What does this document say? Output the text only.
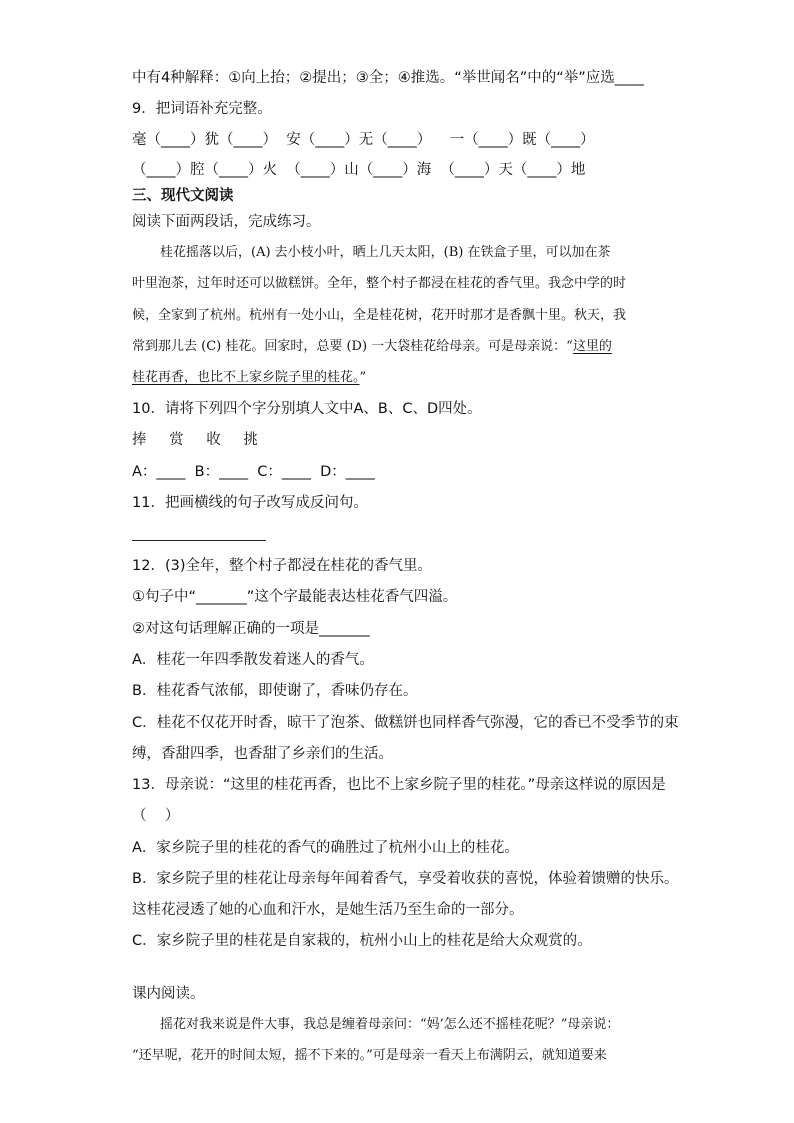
中有4种解释：①向上抬；②提出；③全；④推选。“举世闻名”中的“举”应选____
9．把词语补充完整。
毫（____）犹（____）  安（____）无（____）    一（____）既（____）
（____）腔（____）火  （____）山（____）海  （____）天（____）地
三、现代文阅读
阅读下面两段话，完成练习。
桂花摇落以后，(A) 去小枝小叶，晒上几天太阳，(B) 在铁盒子里，可以加在茶
叶里泡茶，过年时还可以做糕饼。全年，整个村子都浸在桂花的香气里。我念中学的时
候，全家到了杭州。杭州有一处小山，全是桂花树，花开时那才是香飘十里。秋天，我
常到那儿去 (C) 桂花。回家时，总要 (D) 一大袋桂花给母亲。可是母亲说：“这里的
桂花再香，也比不上家乡院子里的桂花。”
10．请将下列四个字分别填人文中A、B、C、D四处。
捧 赏 收 挑
A：____  B：____  C：____  D：____
11．把画横线的句子改写成反问句。
12．(3)全年，整个村子都浸在桂花的香气里。
①句子中“_______”这个字最能表达桂花香气四溢。
②对这句话理解正确的一项是_______
A．桂花一年四季散发着迷人的香气。
B．桂花香气浓郁，即使谢了，香味仍存在。
C．桂花不仅花开时香，晾干了泡茶、做糕饼也同样香气弥漫，它的香已不受季节的束
缚，香甜四季，也香甜了乡亲们的生活。
13．母亲说：“这里的桂花再香，也比不上家乡院子里的桂花。”母亲这样说的原因是
（    ）
A．家乡院子里的桂花的香气的确胜过了杭州小山上的桂花。
B．家乡院子里的桂花让母亲每年闻着香气，享受着收获的喜悦，体验着馈赠的快乐。
这桂花浸透了她的心血和汗水，是她生活乃至生命的一部分。
C．家乡院子里的桂花是自家栽的，杭州小山上的桂花是给大众观赏的。
课内阅读。
摇花对我来说是件大事，我总是缠着母亲问：“妈’怎么还不摇桂花呢？”母亲说：
“还早呢，花开的时间太短，摇不下来的。”可是母亲一看天上布满阴云，就知道要来
